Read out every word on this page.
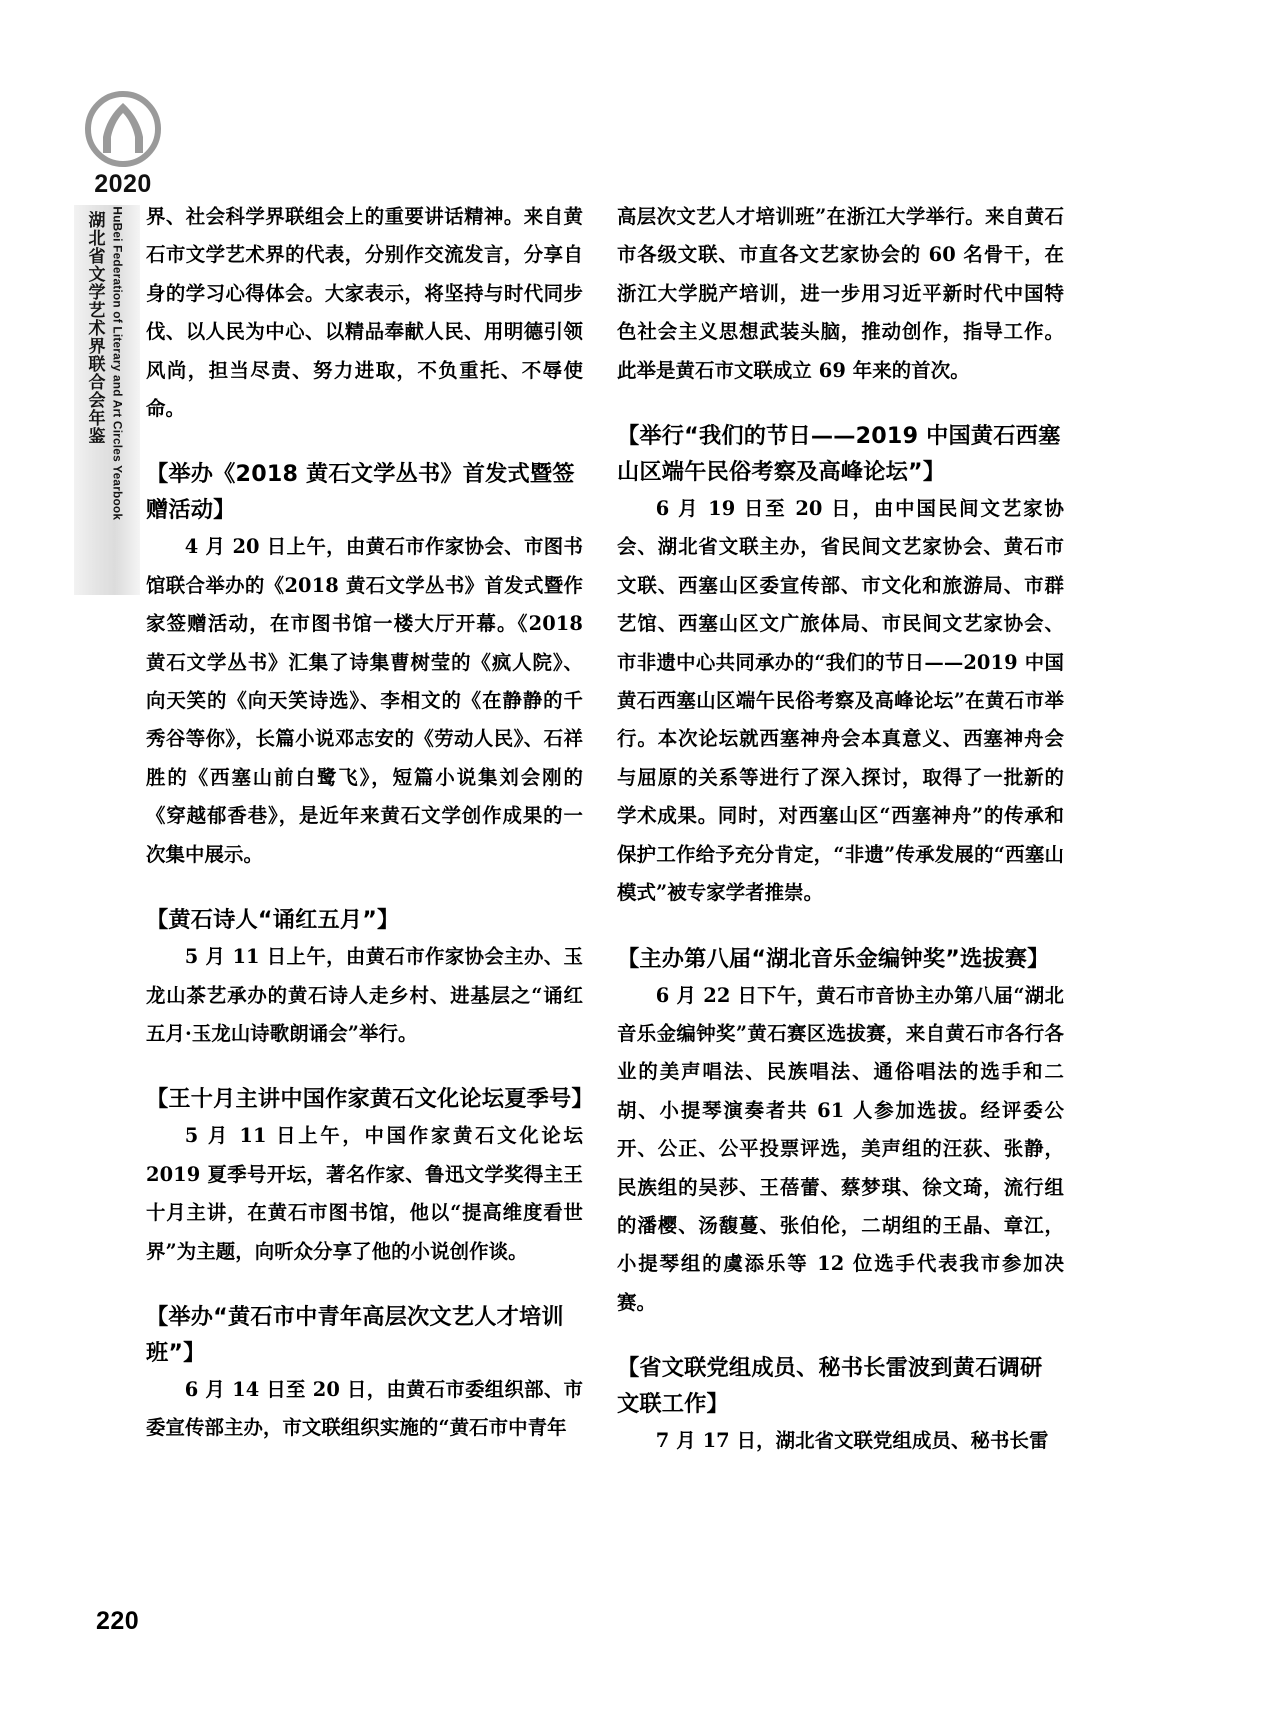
2020
湖北省文学艺术界联合会年鉴 HuBei Federation of Literary and Art Circles Yearbook 界、社会科学界联组会上的重要讲话精神。来自黄石市文学艺术界的代表，分别作交流发言，分享自身的学习心得体会。大家表示，将坚持与时代同步伐、以人民为中心、以精品奉献人民、用明德引领风尚，担当尽责、努力进取，不负重托、不辱使命。

【举办《2018 黄石文学丛书》首发式暨签赠活动】

4 月 20 日上午，由黄石市作家协会、市图书馆联合举办的《2018 黄石文学丛书》首发式暨作家签赠活动，在市图书馆一楼大厅开幕。《2018 黄石文学丛书》汇集了诗集曹树莹的《疯人院》、向天笑的《向天笑诗选》、李相文的《在静静的千秀谷等你》，长篇小说邓志安的《劳动人民》、石祥胜的《西塞山前白鹭飞》，短篇小说集刘会刚的《穿越郁香巷》，是近年来黄石文学创作成果的一次集中展示。

【黄石诗人“诵红五月”】

5 月 11 日上午，由黄石市作家协会主办、玉龙山茶艺承办的黄石诗人走乡村、进基层之“诵红五月·玉龙山诗歌朗诵会”举行。

【王十月主讲中国作家黄石文化论坛夏季号】

5 月 11 日上午，中国作家黄石文化论坛 2019 夏季号开坛，著名作家、鲁迅文学奖得主王十月主讲，在黄石市图书馆，他以“提高维度看世界”为主题，向听众分享了他的小说创作谈。

【举办“黄石市中青年高层次文艺人才培训班”】

6 月 14 日至 20 日，由黄石市委组织部、市委宣传部主办，市文联组织实施的“黄石市中青年

高层次文艺人才培训班”在浙江大学举行。来自黄石市各级文联、市直各文艺家协会的 60 名骨干，在浙江大学脱产培训，进一步用习近平新时代中国特色社会主义思想武装头脑，推动创作，指导工作。此举是黄石市文联成立 69 年来的首次。

【举行“我们的节日——2019 中国黄石西塞山区端午民俗考察及高峰论坛”】

6 月 19 日至 20 日，由中国民间文艺家协会、湖北省文联主办，省民间文艺家协会、黄石市文联、西塞山区委宣传部、市文化和旅游局、市群艺馆、西塞山区文广旅体局、市民间文艺家协会、市非遗中心共同承办的“我们的节日——2019 中国黄石西塞山区端午民俗考察及高峰论坛”在黄石市举行。本次论坛就西塞神舟会本真意义、西塞神舟会与屈原的关系等进行了深入探讨，取得了一批新的学术成果。同时，对西塞山区“西塞神舟”的传承和保护工作给予充分肯定，“非遗”传承发展的“西塞山模式”被专家学者推崇。

【主办第八届“湖北音乐金编钟奖”选拔赛】

6 月 22 日下午，黄石市音协主办第八届“湖北音乐金编钟奖”黄石赛区选拔赛，来自黄石市各行各业的美声唱法、民族唱法、通俗唱法的选手和二胡、小提琴演奏者共 61 人参加选拔。经评委公开、公正、公平投票评选，美声组的汪荻、张静，民族组的吴莎、王蓓蕾、蔡梦琪、徐文琦，流行组的潘樱、汤馥蔓、张伯伦，二胡组的王晶、章江，小提琴组的虞添乐等 12 位选手代表我市参加决赛。

【省文联党组成员、秘书长雷波到黄石调研文联工作】

7 月 17 日，湖北省文联党组成员、秘书长雷

220
